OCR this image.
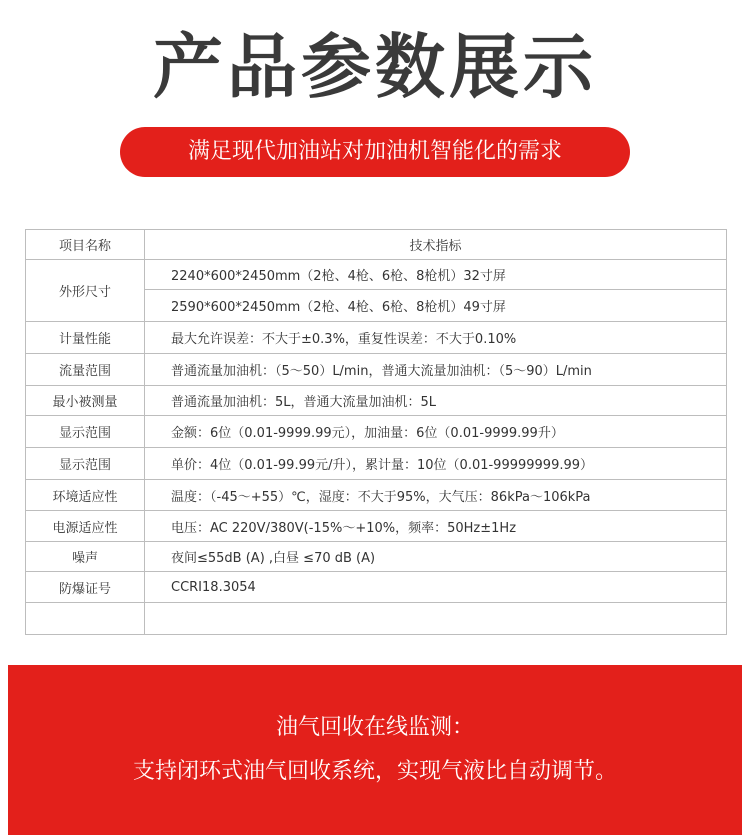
产品参数展示
满足现代加油站对加油机智能化的需求
项目名称	技术指标
外形尺寸	2240*600*2450mm（2枪、4枪、6枪、8枪机）32寸屏
	2590*600*2450mm（2枪、4枪、6枪、8枪机）49寸屏
计量性能	最大允许误差：不大于±0.3%，重复性误差：不大于0.10%
流量范围	普通流量加油机：（5～50）L/min，普通大流量加油机：（5～90）L/min
最小被测量	普通流量加油机：5L，普通大流量加油机：5L
显示范围	金额：6位（0.01-9999.99元），加油量：6位（0.01-9999.99升）
显示范围	单价：4位（0.01-99.99元/升），累计量：10位（0.01-99999999.99）
环境适应性	温度：（-45～+55）℃，湿度：不大于95%，大气压：86kPa～106kPa
电源适应性	电压：AC 220V/380V(-15%～+10%，频率：50Hz±1Hz
噪声	夜间≤55dB (A) ,白昼 ≤70 dB (A)
防爆证号	CCRI18.3054

油气回收在线监测：
支持闭环式油气回收系统，实现气液比自动调节。
